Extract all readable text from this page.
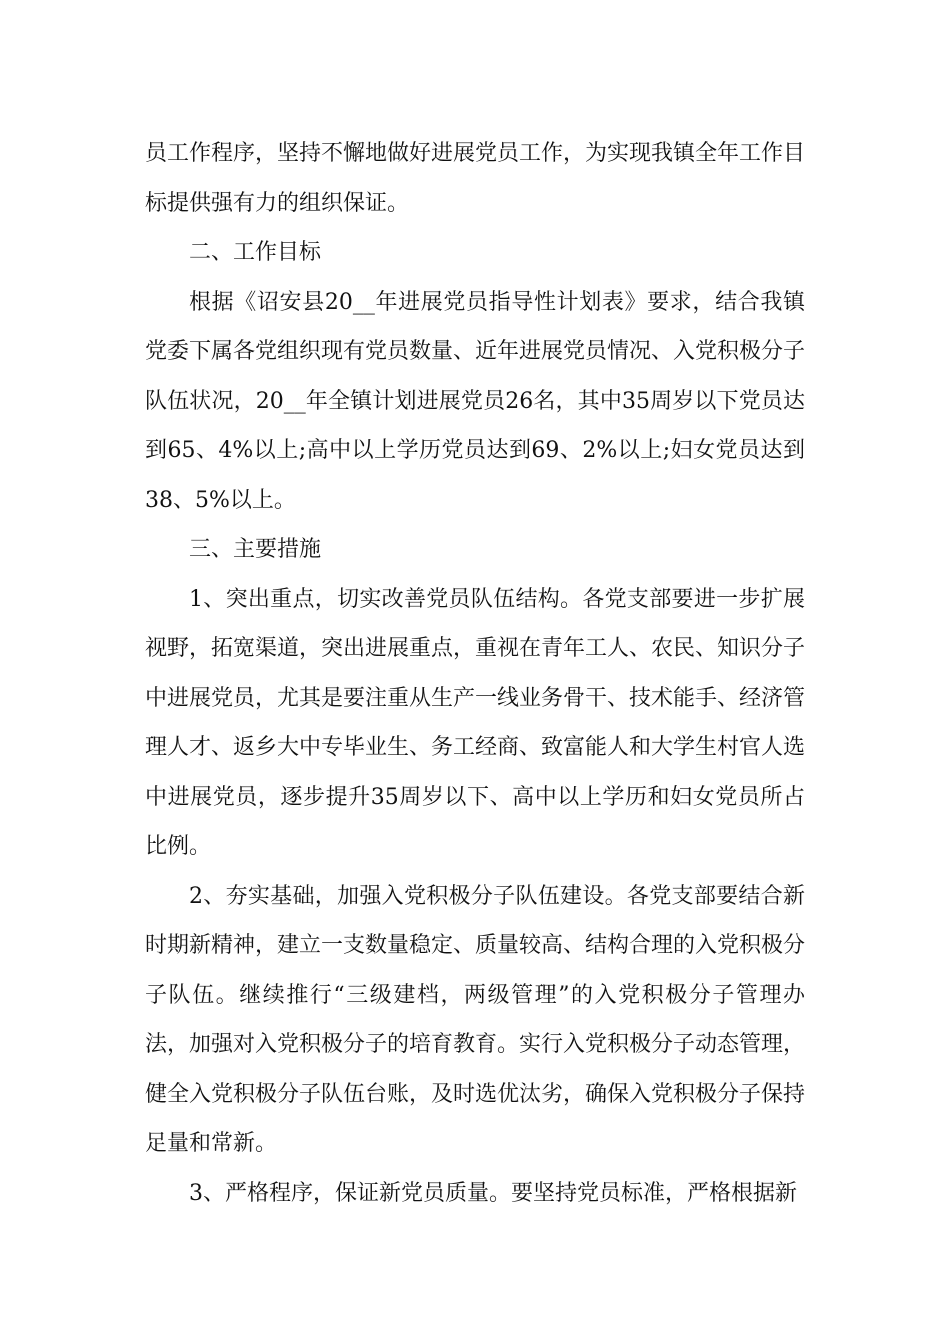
员工作程序，坚持不懈地做好进展党员工作，为实现我镇全年工作目标提供强有力的组织保证。

二、工作目标

根据《诏安县20__年进展党员指导性计划表》要求，结合我镇党委下属各党组织现有党员数量、近年进展党员情况、入党积极分子队伍状况，20__年全镇计划进展党员26名，其中35周岁以下党员达到65、4%以上;高中以上学历党员达到69、2%以上;妇女党员达到38、5%以上。

三、主要措施

1、突出重点，切实改善党员队伍结构。各党支部要进一步扩展视野，拓宽渠道，突出进展重点，重视在青年工人、农民、知识分子中进展党员，尤其是要注重从生产一线业务骨干、技术能手、经济管理人才、返乡大中专毕业生、务工经商、致富能人和大学生村官人选中进展党员，逐步提升35周岁以下、高中以上学历和妇女党员所占比例。

2、夯实基础，加强入党积极分子队伍建设。各党支部要结合新时期新精神，建立一支数量稳定、质量较高、结构合理的入党积极分子队伍。继续推行“三级建档，两级管理”的入党积极分子管理办法，加强对入党积极分子的培育教育。实行入党积极分子动态管理，健全入党积极分子队伍台账，及时选优汰劣，确保入党积极分子保持足量和常新。

3、严格程序，保证新党员质量。要坚持党员标准，严格根据新
